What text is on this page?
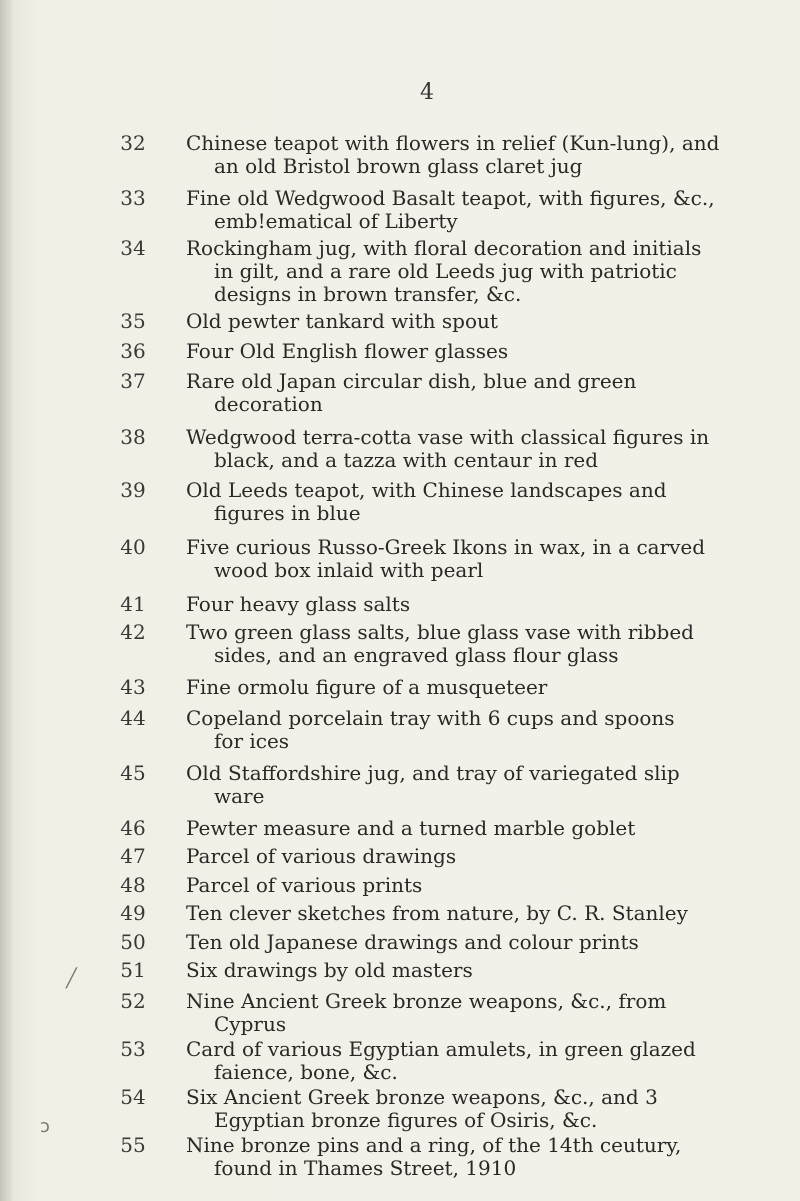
4
32	Chinese teapot with flowers in relief (Kun-lung), and
an old Bristol brown glass claret jug
33	Fine old Wedgwood Basalt teapot, with figures, &c.,
emb!ematical of Liberty
34	Rockingham jug, with floral decoration and initials
in gilt, and a rare old Leeds jug with patriotic
designs in brown transfer, &c.
35	Old pewter tankard with spout
36	Four Old English flower glasses
37	Rare old Japan circular dish, blue and green
decoration
38	Wedgwood terra-cotta vase with classical figures in
black, and a tazza with centaur in red
39	Old Leeds teapot, with Chinese landscapes and
figures in blue
40	Five curious Russo-Greek Ikons in wax, in a carved
wood box inlaid with pearl
41	Four heavy glass salts
42	Two green glass salts, blue glass vase with ribbed
sides, and an engraved glass flour glass
43	Fine ormolu figure of a musqueteer
44	Copeland porcelain tray with 6 cups and spoons
for ices
45	Old Staffordshire jug, and tray of variegated slip
ware
46	Pewter measure and a turned marble goblet
47	Parcel of various drawings
48	Parcel of various prints
49	Ten clever sketches from nature, by C. R. Stanley
50	Ten old Japanese drawings and colour prints
51	Six drawings by old masters
52	Nine Ancient Greek bronze weapons, &c., from
Cyprus
53	Card of various Egyptian amulets, in green glazed
faience, bone, &c.
54	Six Ancient Greek bronze weapons, &c., and 3
Egyptian bronze figures of Osiris, &c.
55	Nine bronze pins and a ring, of the 14th ceutury,
found in Thames Street, 1910
╱
ↄ
